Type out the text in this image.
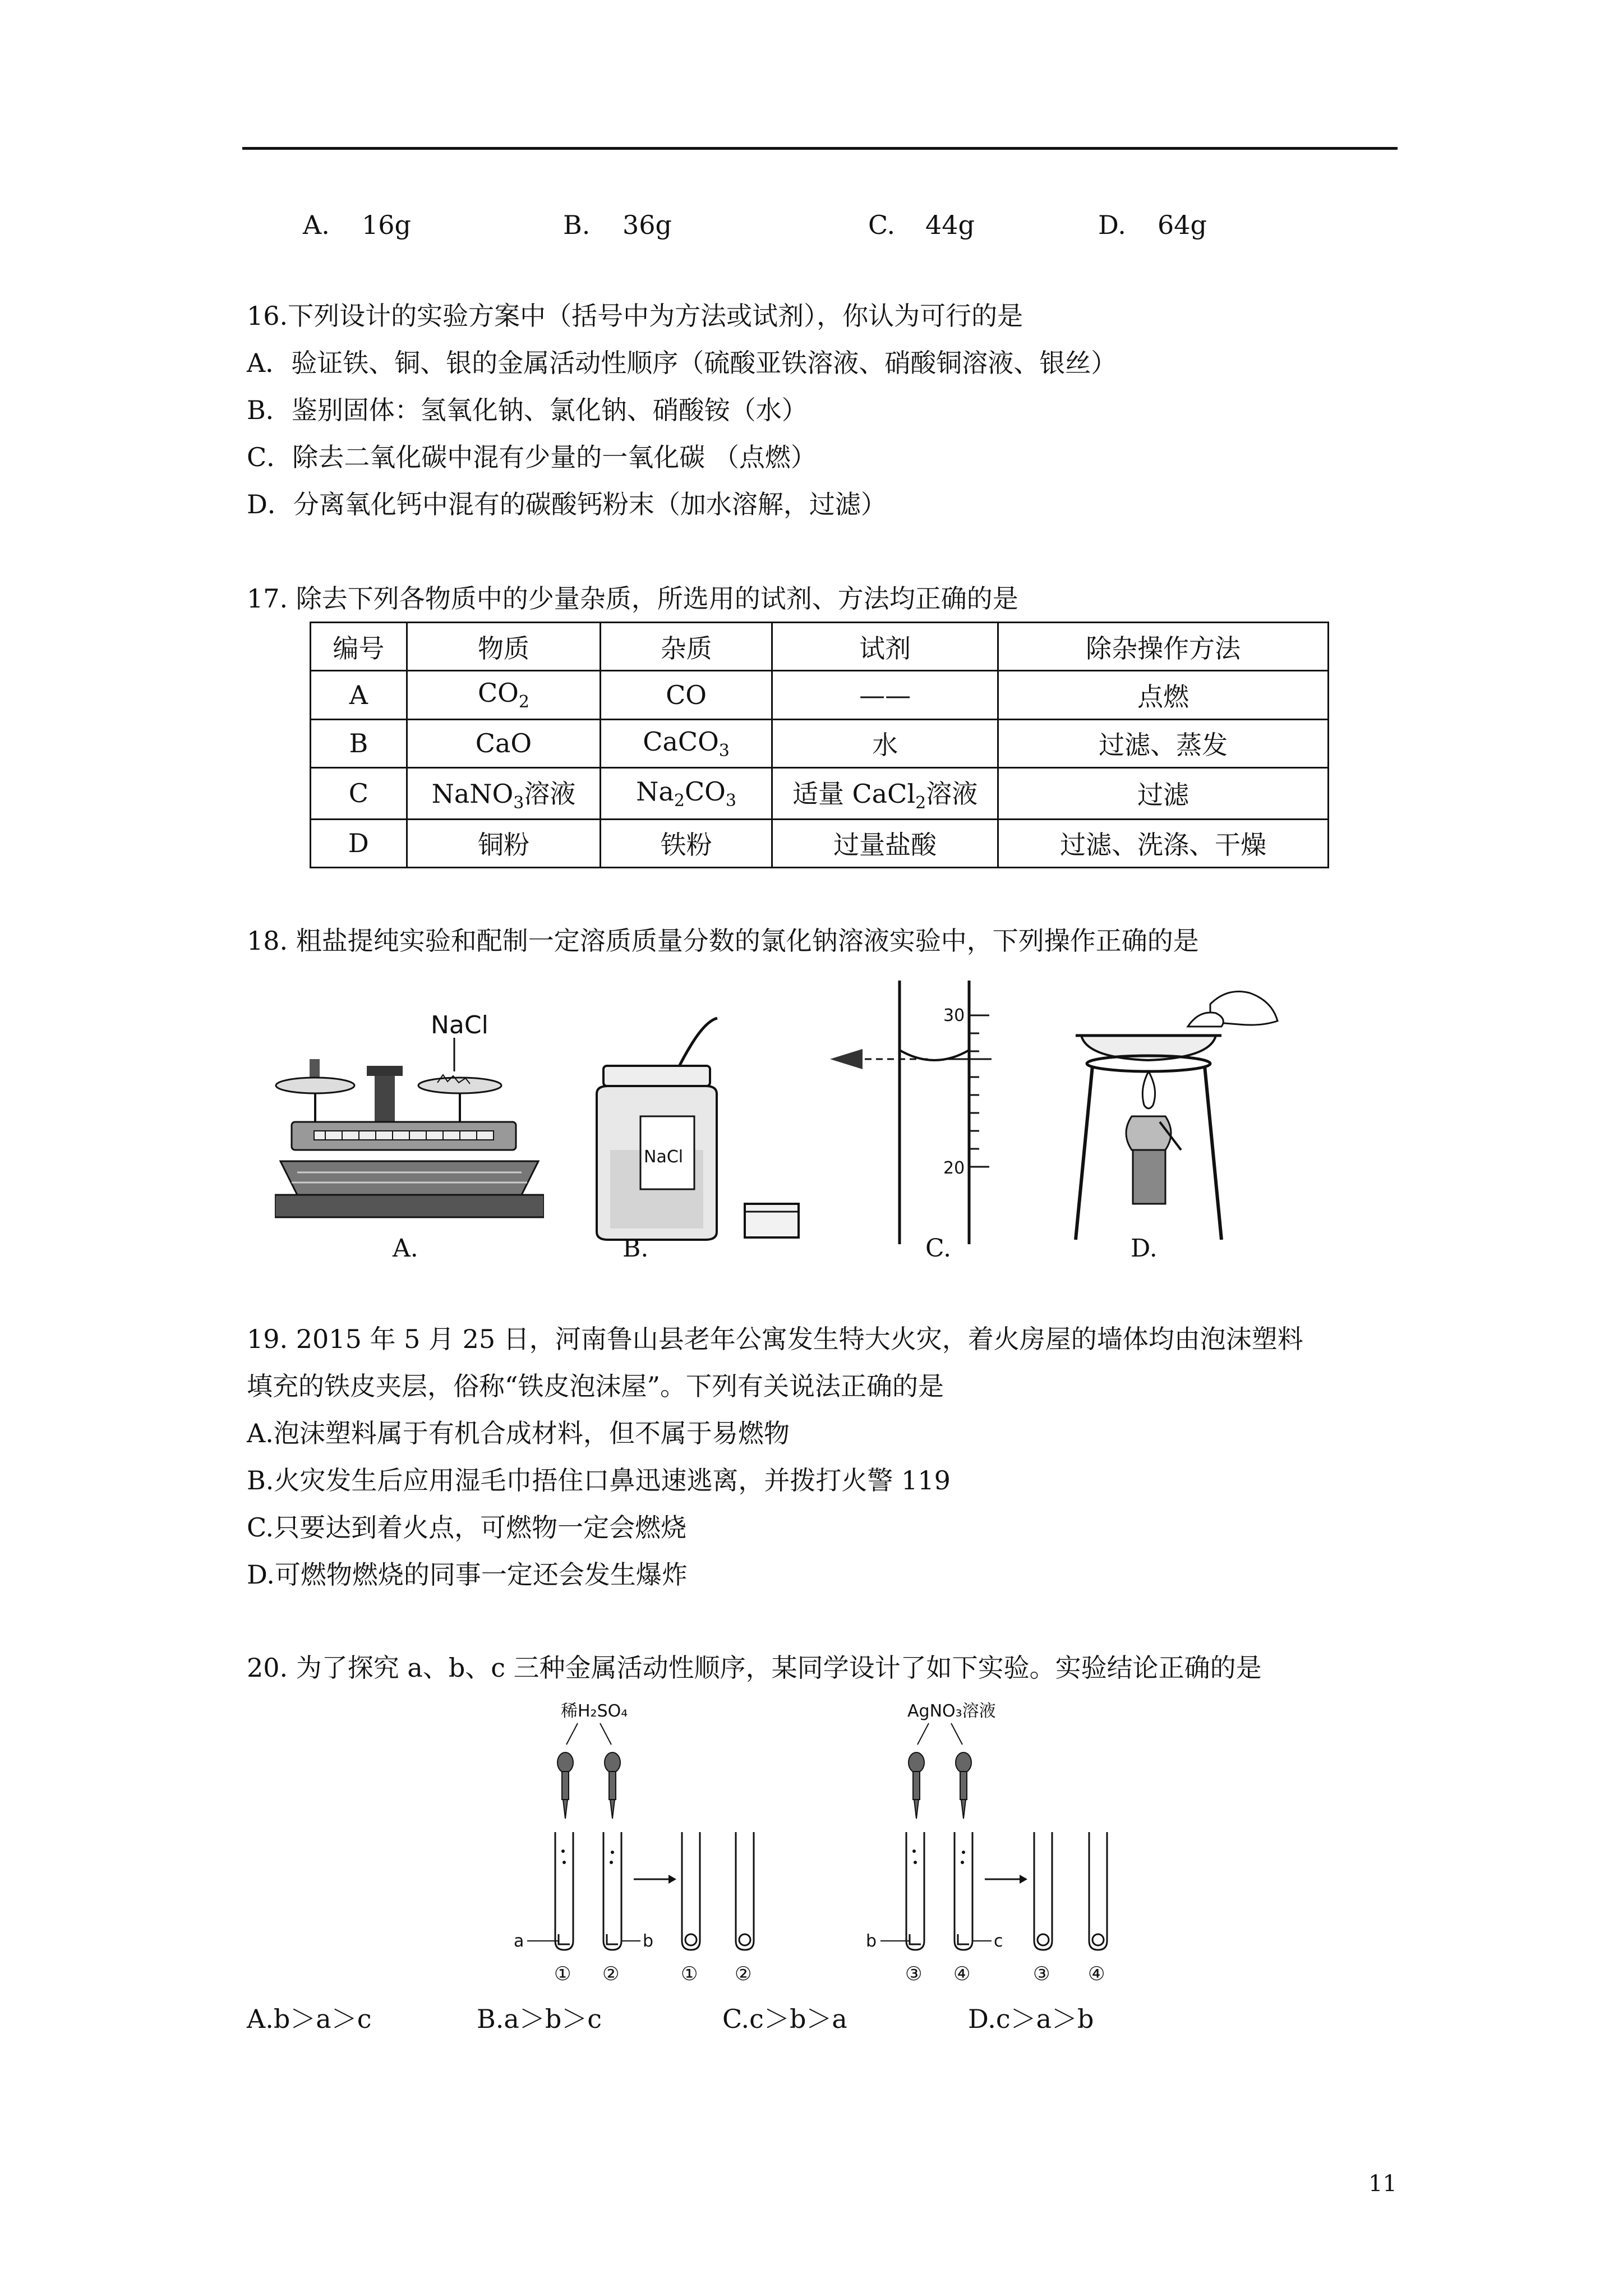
A. 16g	B. 36g	C. 44g	D. 64g
16.下列设计的实验方案中（括号中为方法或试剂），你认为可行的是
A．验证铁、铜、银的金属活动性顺序（硫酸亚铁溶液、硝酸铜溶液、银丝）
B．鉴别固体：氢氧化钠、氯化钠、硝酸铵（水）
C．除去二氧化碳中混有少量的一氧化碳 （点燃）
D．分离氧化钙中混有的碳酸钙粉末（加水溶解，过滤）
17. 除去下列各物质中的少量杂质，所选用的试剂、方法均正确的是
编号	物质	杂质	试剂	除杂操作方法
A	$CO_2$	CO	——	点燃
B	CaO	CaCO$_3$	水	过滤、蒸发
C	NaNO$_3$溶液	$Na_2CO_3$	适量 CaCl$_2$溶液	过滤
D	铜粉	铁粉	过量盐酸	过滤、洗涤、干燥
18. 粗盐提纯实验和配制一定溶质质量分数的氯化钠溶液实验中，下列操作正确的是
NaCl
NaCl
30
20
A.	B.	C.	D.
19. 2015 年 5 月 25 日，河南鲁山县老年公寓发生特大火灾，着火房屋的墙体均由泡沫塑料
填充的铁皮夹层，俗称“铁皮泡沫屋”。下列有关说法正确的是
A.泡沫塑料属于有机合成材料，但不属于易燃物
B.火灾发生后应用湿毛巾捂住口鼻迅速逃离，并拨打火警 119
C.只要达到着火点，可燃物一定会燃烧
D.可燃物燃烧的同事一定还会发生爆炸
20. 为了探究 a、b、c 三种金属活动性顺序，某同学设计了如下实验。实验结论正确的是
稀H₂SO₄
a	b
① ②	① ②
AgNO₃溶液
b	c
③ ④	③ ④
A.b＞a＞c	B.a＞b＞c	C.c＞b＞a	D.c＞a＞b
11
